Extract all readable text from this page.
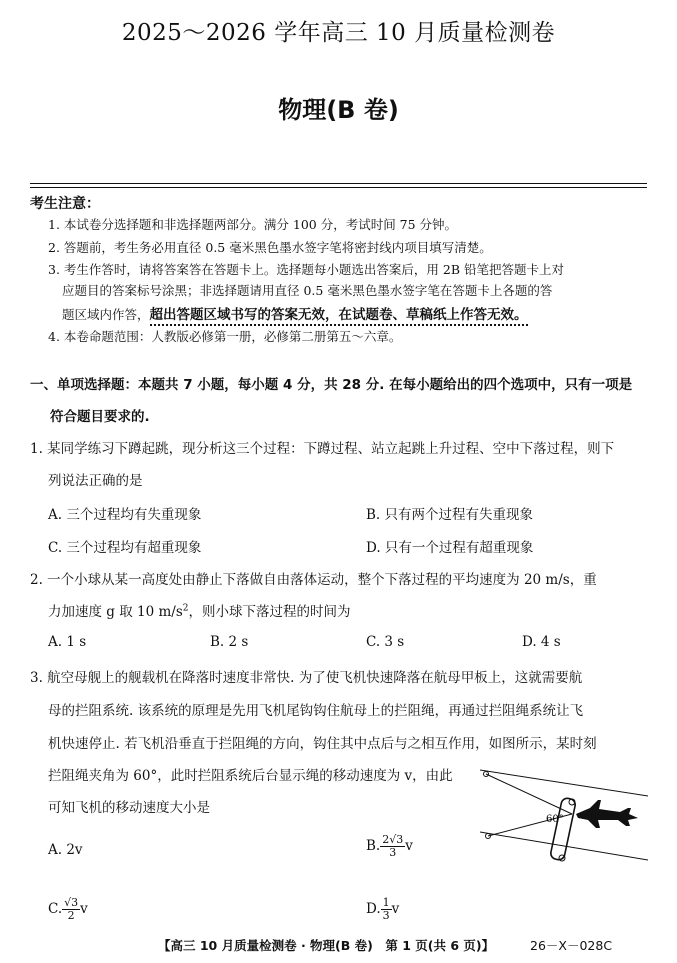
2025～2026 学年高三 10 月质量检测卷
物理(B 卷)
考生注意：
1. 本试卷分选择题和非选择题两部分。满分 100 分，考试时间 75 分钟。
2. 答题前，考生务必用直径 0.5 毫米黑色墨水签字笔将密封线内项目填写清楚。
3. 考生作答时，请将答案答在答题卡上。选择题每小题选出答案后，用 2B 铅笔把答题卡上对
应题目的答案标号涂黑；非选择题请用直径 0.5 毫米黑色墨水签字笔在答题卡上各题的答
题区域内作答，超出答题区域书写的答案无效，在试题卷、草稿纸上作答无效。
4. 本卷命题范围：人教版必修第一册，必修第二册第五～六章。
一、单项选择题：本题共 7 小题，每小题 4 分，共 28 分. 在每小题给出的四个选项中，只有一项是
符合题目要求的.
1. 某同学练习下蹲起跳，现分析这三个过程：下蹲过程、站立起跳上升过程、空中下落过程，则下
列说法正确的是
A. 三个过程均有失重现象	B. 只有两个过程有失重现象
C. 三个过程均有超重现象	D. 只有一个过程有超重现象
2. 一个小球从某一高度处由静止下落做自由落体运动，整个下落过程的平均速度为 20 m/s，重
力加速度 g 取 10 $m/s^2$，则小球下落过程的时间为
A. 1 s	B. 2 s	C. 3 s	D. 4 s
3. 航空母舰上的舰载机在降落时速度非常快. 为了使飞机快速降落在航母甲板上，这就需要航
母的拦阻系统. 该系统的原理是先用飞机尾钩钩住航母上的拦阻绳，再通过拦阻绳系统让飞
机快速停止. 若飞机沿垂直于拦阻绳的方向，钩住其中点后与之相互作用，如图所示，某时刻
拦阻绳夹角为 60°，此时拦阻系统后台显示绳的移动速度为 v，由此
可知飞机的移动速度大小是
60°
A. 2v	B. $\frac{2√3}{3}$ v
C. $\frac{√3}{2}$ v	D. $\frac{1}{3}$ v
【高三 10 月质量检测卷 · 物理(B 卷)　第 1 页(共 6 页)】	26－X－028C
